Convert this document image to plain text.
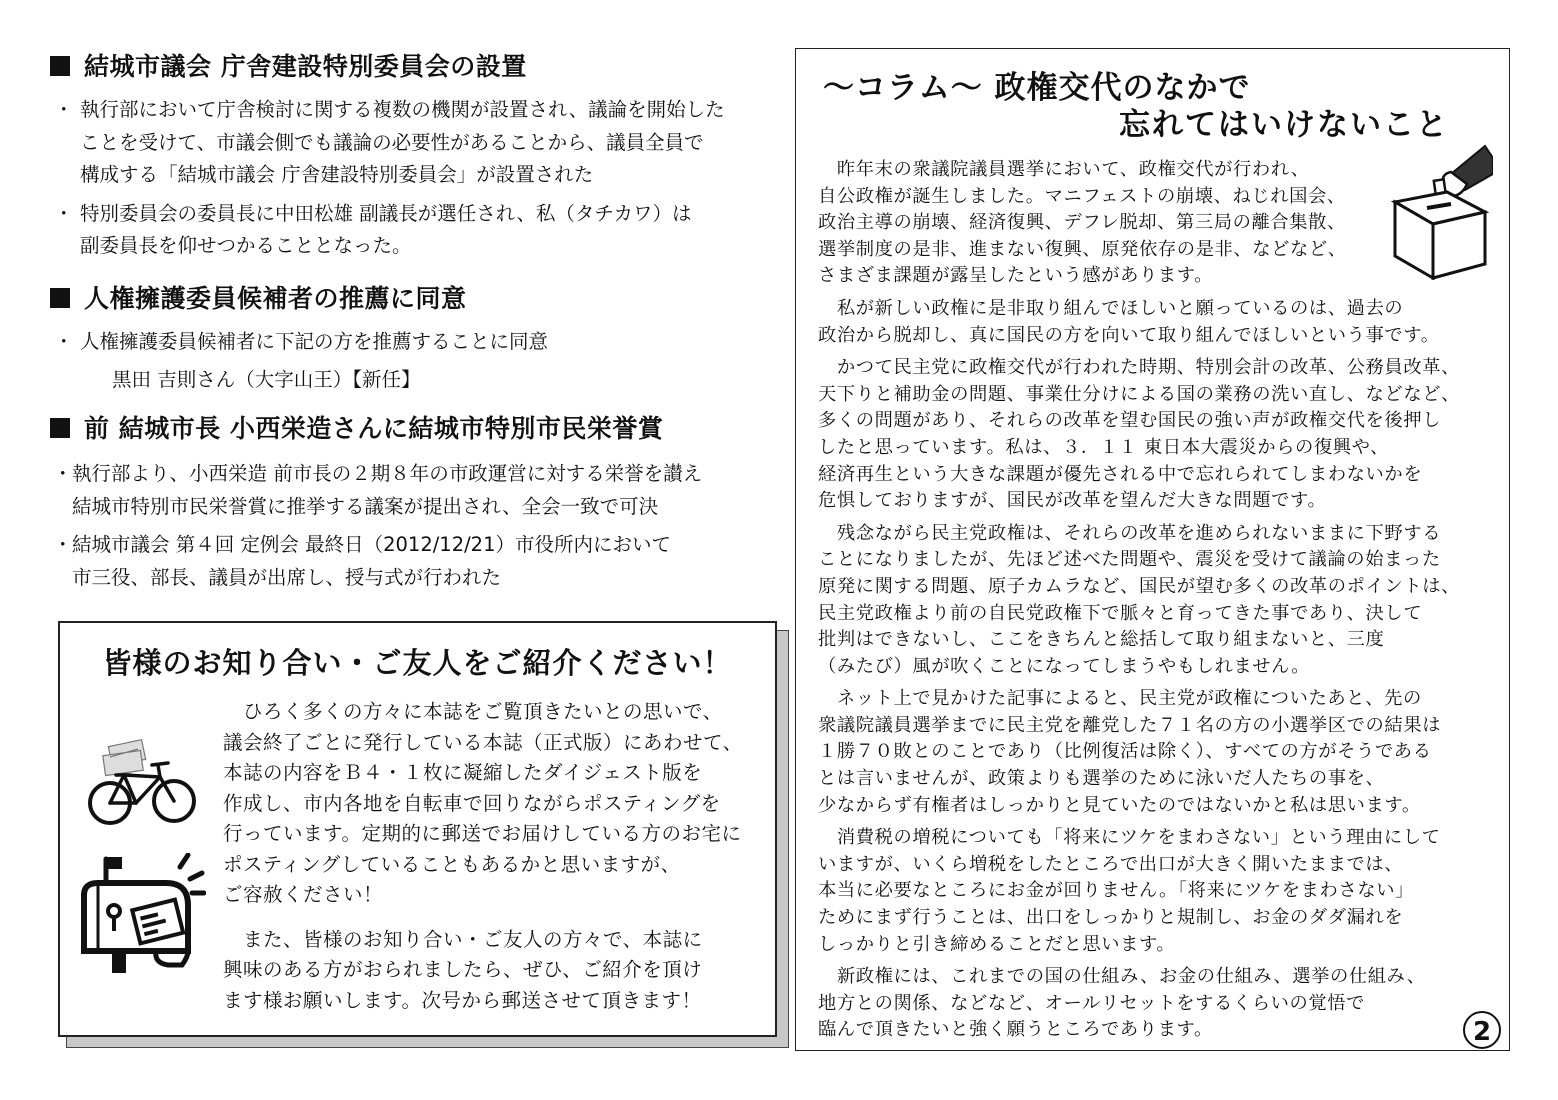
結城市議会 庁舎建設特別委員会の設置
・ 執行部において庁舎検討に関する複数の機関が設置され、議論を開始した
ことを受けて、市議会側でも議論の必要性があることから、議員全員で
構成する「結城市議会 庁舎建設特別委員会」が設置された
・ 特別委員会の委員長に中田松雄 副議長が選任され、私（タチカワ）は
副委員長を仰せつかることとなった。
人権擁護委員候補者の推薦に同意
・ 人権擁護委員候補者に下記の方を推薦することに同意
黒田 吉則さん（大字山王）【新任】
前 結城市長 小西栄造さんに結城市特別市民栄誉賞
・ 執行部より、小西栄造 前市長の２期８年の市政運営に対する栄誉を讃え
結城市特別市民栄誉賞に推挙する議案が提出され、全会一致で可決
・ 結城市議会 第４回 定例会 最終日（2012/12/21）市役所内において
市三役、部長、議員が出席し、授与式が行われた
皆様のお知り合い・ご友人をご紹介ください！
　ひろく多くの方々に本誌をご覧頂きたいとの思いで、
議会終了ごとに発行している本誌（正式版）にあわせて、
本誌の内容をＢ４・１枚に凝縮したダイジェスト版を
作成し、市内各地を自転車で回りながらポスティングを
行っています。定期的に郵送でお届けしている方のお宅に
ポスティングしていることもあるかと思いますが、
ご容赦ください！
　また、皆様のお知り合い・ご友人の方々で、本誌に
興味のある方がおられましたら、ぜひ、ご紹介を頂け
ます様お願いします。次号から郵送させて頂きます！
～コラム～ 政権交代のなかで
忘れてはいけないこと
　昨年末の衆議院議員選挙において、政権交代が行われ、
自公政権が誕生しました。マニフェストの崩壊、ねじれ国会、
政治主導の崩壊、経済復興、デフレ脱却、第三局の離合集散、
選挙制度の是非、進まない復興、原発依存の是非、などなど、
さまざま課題が露呈したという感があります。
　私が新しい政権に是非取り組んでほしいと願っているのは、過去の
政治から脱却し、真に国民の方を向いて取り組んでほしいという事です。
　かつて民主党に政権交代が行われた時期、特別会計の改革、公務員改革、
天下りと補助金の問題、事業仕分けによる国の業務の洗い直し、などなど、
多くの問題があり、それらの改革を望む国民の強い声が政権交代を後押し
したと思っています。私は、３．１１ 東日本大震災からの復興や、
経済再生という大きな課題が優先される中で忘れられてしまわないかを
危惧しておりますが、国民が改革を望んだ大きな問題です。
　残念ながら民主党政権は、それらの改革を進められないままに下野する
ことになりましたが、先ほど述べた問題や、震災を受けて議論の始まった
原発に関する問題、原子カムラなど、国民が望む多くの改革のポイントは、
民主党政権より前の自民党政権下で脈々と育ってきた事であり、決して
批判はできないし、ここをきちんと総括して取り組まないと、三度
（みたび）風が吹くことになってしまうやもしれません。
　ネット上で見かけた記事によると、民主党が政権についたあと、先の
衆議院議員選挙までに民主党を離党した７１名の方の小選挙区での結果は
１勝７０敗とのことであり（比例復活は除く）、すべての方がそうである
とは言いませんが、政策よりも選挙のために泳いだ人たちの事を、
少なからず有権者はしっかりと見ていたのではないかと私は思います。
　消費税の増税についても「将来にツケをまわさない」という理由にして
いますが、いくら増税をしたところで出口が大きく開いたままでは、
本当に必要なところにお金が回りません。「将来にツケをまわさない」
ためにまず行うことは、出口をしっかりと規制し、お金のダダ漏れを
しっかりと引き締めることだと思います。
　新政権には、これまでの国の仕組み、お金の仕組み、選挙の仕組み、
地方との関係、などなど、オールリセットをするくらいの覚悟で
臨んで頂きたいと強く願うところであります。	2
